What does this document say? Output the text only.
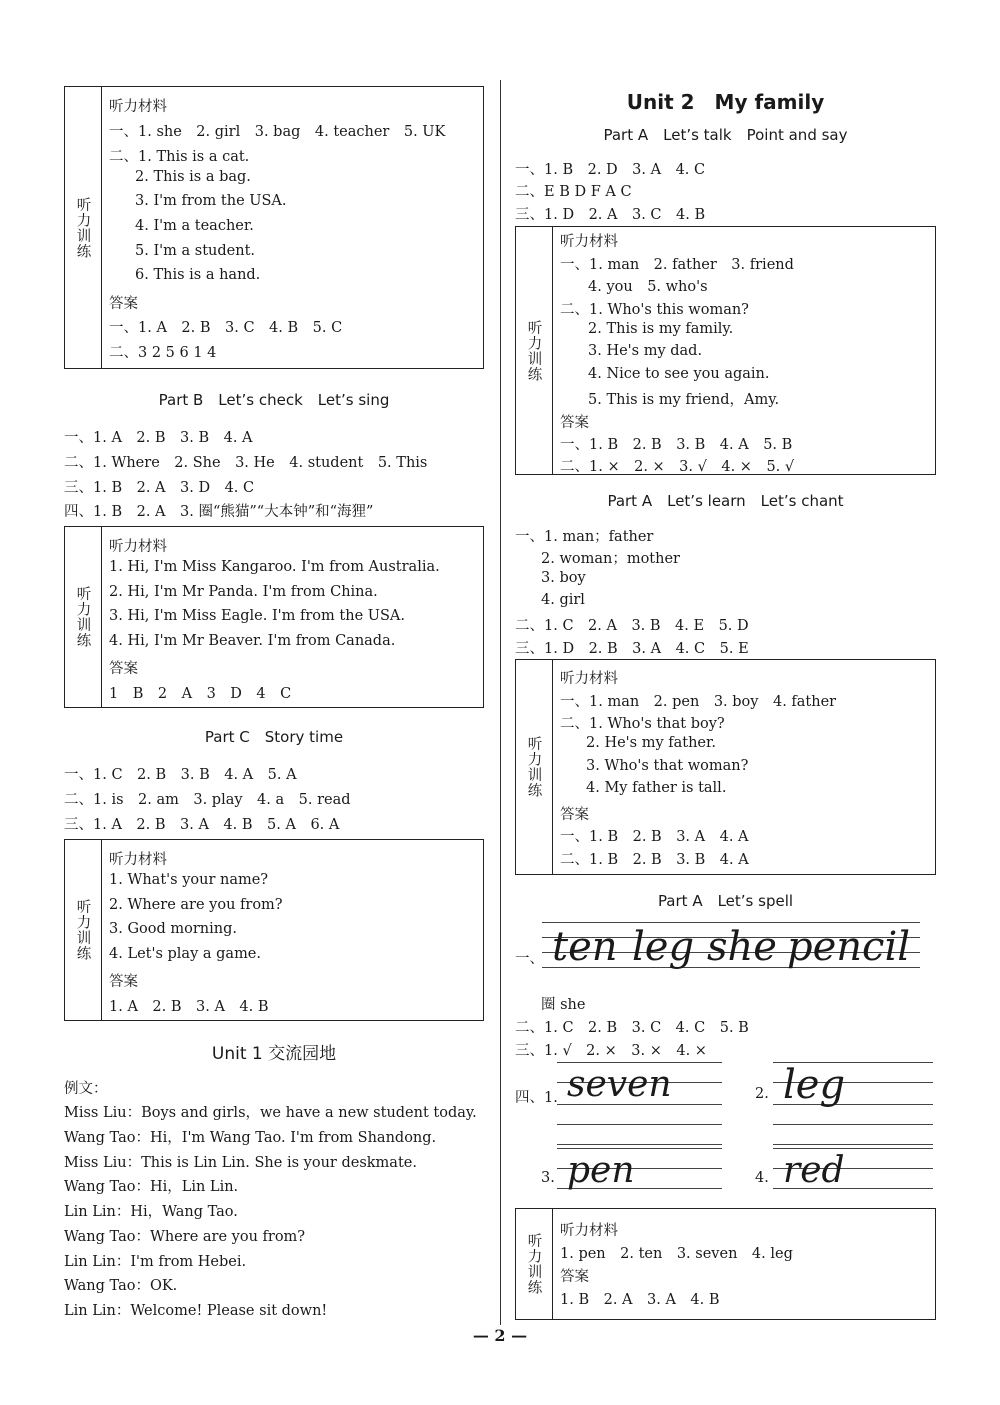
听力训练
听力材料
一、1. she　2. girl　3. bag　4. teacher　5. UK
二、1. This is a cat.
2. This is a bag.
3. I'm from the USA.
4. I'm a teacher.
5. I'm a student.
6. This is a hand.
答案
一、1. A　2. B　3. C　4. B　5. C
二、3 2 5 6 1 4
Part B　Let’s check　Let’s sing
一、1. A　2. B　3. B　4. A
二、1. Where　2. She　3. He　4. student　5. This
三、1. B　2. A　3. D　4. C
四、1. B　2. A　3. 圈“熊猫”“大本钟”和“海狸”
听力训练
听力材料
1. Hi, I'm Miss Kangaroo. I'm from Australia.
2. Hi, I'm Mr Panda. I'm from China.
3. Hi, I'm Miss Eagle. I'm from the USA.
4. Hi, I'm Mr Beaver. I'm from Canada.
答案
1　B　2　A　3　D　4　C
Part C　Story time
一、1. C　2. B　3. B　4. A　5. A
二、1. is　2. am　3. play　4. a　5. read
三、1. A　2. B　3. A　4. B　5. A　6. A
听力训练
听力材料
1. What's your name?
2. Where are you from?
3. Good morning.
4. Let's play a game.
答案
1. A　2. B　3. A　4. B
Unit 1 交流园地
例文：
Miss Liu：Boys and girls，we have a new student today.
Wang Tao：Hi，I'm Wang Tao. I'm from Shandong.
Miss Liu：This is Lin Lin. She is your deskmate.
Wang Tao：Hi，Lin Lin.
Lin Lin：Hi，Wang Tao.
Wang Tao：Where are you from?
Lin Lin：I'm from Hebei.
Wang Tao：OK.
Lin Lin：Welcome! Please sit down!
Unit 2　My family
Part A　Let’s talk　Point and say
一、1. B　2. D　3. A　4. C
二、E B D F A C
三、1. D　2. A　3. C　4. B
听力训练
听力材料
一、1. man　2. father　3. friend
4. you　5. who's
二、1. Who's this woman?
2. This is my family.
3. He's my dad.
4. Nice to see you again.
5. This is my friend，Amy.
答案
一、1. B　2. B　3. B　4. A　5. B
二、1. ×　2. ×　3. √　4. ×　5. √
Part A　Let’s learn　Let’s chant
一、1. man；father
2. woman；mother
3. boy
4. girl
二、1. C　2. A　3. B　4. E　5. D
三、1. D　2. B　3. A　4. C　5. E
听力训练
听力材料
一、1. man　2. pen　3. boy　4. father
二、1. Who's that boy?
2. He's my father.
3. Who's that woman?
4. My father is tall.
答案
一、1. B　2. B　3. A　4. A
二、1. B　2. B　3. B　4. A
Part A　Let’s spell
一、 ten leg she pencil
圈 she
二、1. C　2. B　3. C　4. C　5. B
三、1. √　2. ×　3. ×　4. ×
四、1. seven	2. leg
3. pen	4. red
听力训练
听力材料
1. pen　2. ten　3. seven　4. leg
答案
1. B　2. A　3. A　4. B
— 2 —
